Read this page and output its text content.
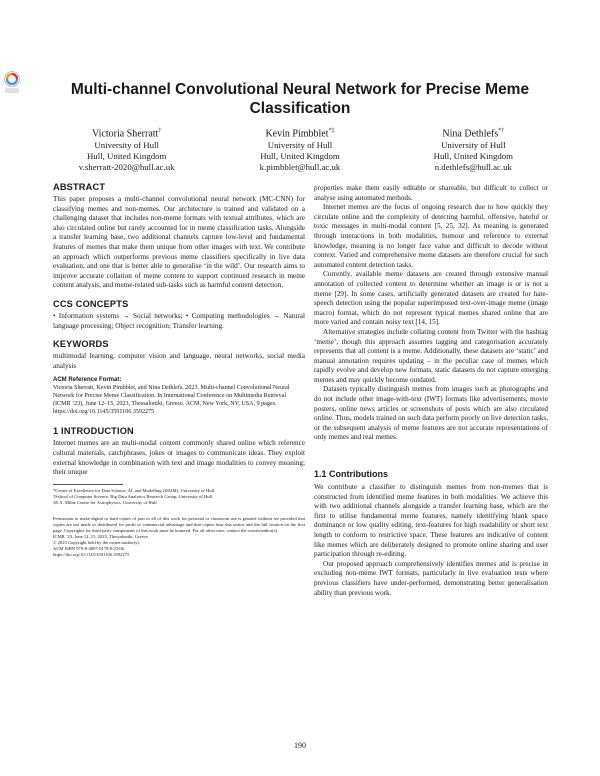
Multi-channel Convolutional Neural Network for Precise Meme Classification
Victoria Sherratt†
University of Hull
Hull, United Kingdom
v.sherratt-2020@hull.ac.uk
Kevin Pimbblet*‡
University of Hull
Hull, United Kingdom
k.pimbblet@hull.ac.uk
Nina Dethlefs*†
University of Hull
Hull, United Kingdom
n.dethlefs@hull.ac.uk
ABSTRACT

This paper proposes a multi-channel convolutional neural network (MC-CNN) for classifying memes and non-memes. Our architecture is trained and validated on a challenging dataset that includes non-meme formats with textual attributes, which are also circulated online but rarely accounted for in meme classification tasks. Alongside a transfer learning base, two additional channels capture low-level and fundamental features of memes that make them unique from other images with text. We contribute an approach which outperforms previous meme classifiers specifically in live data evaluation, and one that is better able to generalise ‘in the wild’. Our research aims to improve accurate collation of meme content to support continued research in meme content analysis, and meme-related sub-tasks such as harmful content detection.

CCS CONCEPTS

• Information systems → Social networks; • Computing methodologies → Natural language processing; Object recognition; Transfer learning.

KEYWORDS

multimodal learning, computer vision and language, neural networks, social media analysis

ACM Reference Format:
Victoria Sherratt, Kevin Pimbblet, and Nina Dethlefs. 2023. Multi-channel Convolutional Neural Network for Precise Meme Classification. In International Conference on Multimedia Retrieval (ICMR ’23), June 12–15, 2023, Thessaloniki, Greece. ACM, New York, NY, USA, 9 pages. https://doi.org/10.1145/3591106.3592275
1 INTRODUCTION

Internet memes are an multi-modal content commonly shared online which reference cultural materials, catchphrases, jokes or images to communicate ideas. They exploit external knowledge in combination with text and image modalities to convey meaning; their unique

*Centre of Excellence for Data Science, AI, and Modelling (DAIM), University of Hull
†School of Computer Science, Big Data Analytics Research Group, University of Hull
‡E.A. Milne Centre for Astrophysics, University of Hull
Permission to make digital or hard copies of part or all of this work for personal or classroom use is granted without fee provided that copies are not made or distributed for profit or commercial advantage and that copies bear this notice and the full citation on the first page. Copyrights for third-party components of this work must be honored. For all other uses, contact the owner/author(s).
ICMR ’23, June 12–15, 2023, Thessaloniki, Greece
© 2023 Copyright held by the owner/author(s).
ACM ISBN 979-8-4007-0178-8/23/06.
https://doi.org/10.1145/3591106.3592275

properties make them easily editable or shareable, but difficult to collect or analyse using automated methods.

Internet memes are the focus of ongoing research due to how quickly they circulate online and the complexity of detecting harmful, offensive, hateful or toxic messages in multi-modal content [5, 25, 32]. As meaning is generated through interactions in both modalities, humour and reference to external knowledge, meaning is no longer face value and difficult to decode without context. Varied and comprehensive meme datasets are therefore crucial for such automated content detection tasks.

Currently, available meme datasets are created through extensive manual annotation of collected content to determine whether an image is or is not a meme [29]. In some cases, artificially generated datasets are created for hate-speech detection using the popular superimposed text-over-image meme (image macro) format, which do not represent typical memes shared online that are more varied and contain noisy text [14, 15].

Alternative strategies include collating content from Twitter with the hashtag ‘meme’, though this approach assumes tagging and categorisation accurately represents that all content is a meme. Additionally, these datasets are ‘static’ and manual annotation requires updating – in the peculiar case of memes which rapidly evolve and develop new formats, static datasets do not capture emerging memes and may quickly become outdated.

Datasets typically distinguish memes from images such as photographs and do not include other image-with-text (IWT) formats like advertisements, movie posters, online news articles or screenshots of posts which are also circulated online. Thus, models trained on such data perform poorly on live detection tasks, or the subsequent analysis of meme features are not accurate representations of only memes and real memes.

1.1 Contributions

We contribute a classifier to distinguish memes from non-memes that is constructed from identified meme features in both modalities. We achieve this with two additional channels alongside a transfer learning base, which are the first to utilise fundamental meme features, namely identifying blank space dominance or low quality editing, text-features for high readability or short text length to conform to restrictive space. These features are indicative of content like memes which are deliberately designed to promote online sharing and user participation through re-editing.

Our proposed approach comprehensively identifies memes and is precise in excluding non-meme IWT formats, particularly in live evaluation tests where previous classifiers have under-performed, demonstrating better generalisation ability than previous work.

190
